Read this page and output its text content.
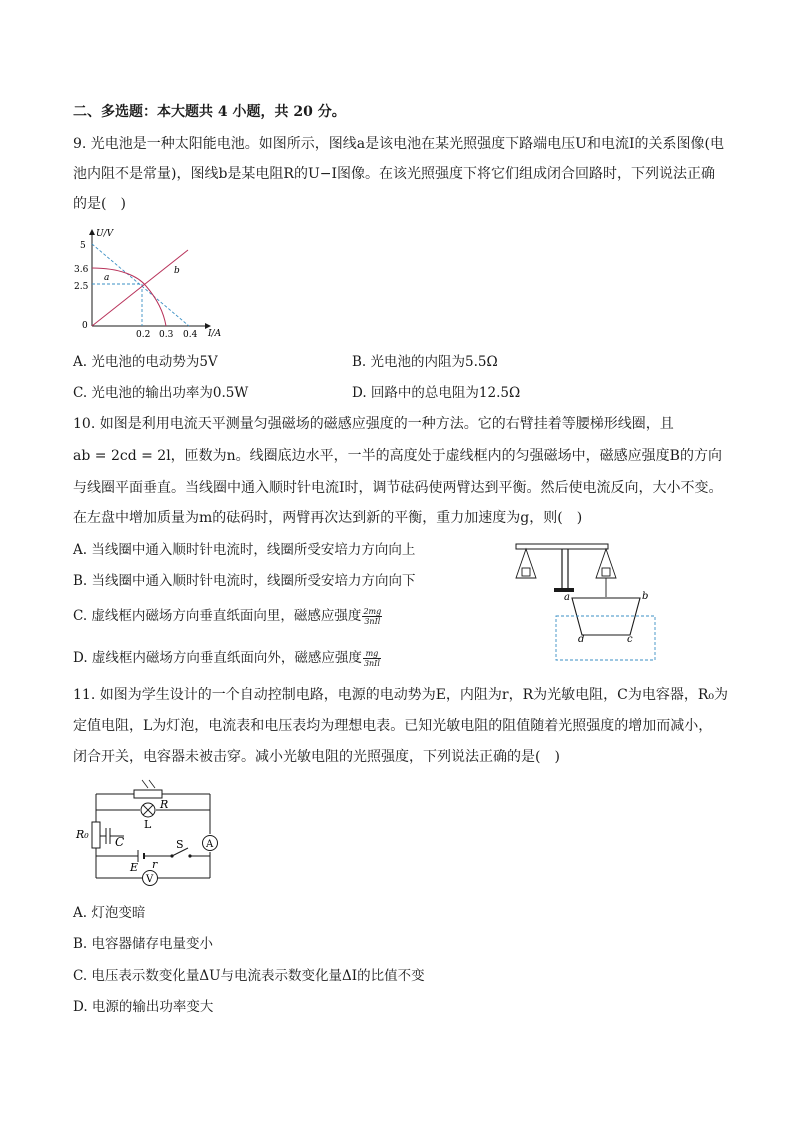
二、多选题：本大题共 4 小题，共 20 分。
9. 光电池是一种太阳能电池。如图所示，图线a是该电池在某光照强度下路端电压U和电流I的关系图像(电
池内阻不是常量)，图线b是某电阻R的U−I图像。在该光照强度下将它们组成闭合回路时，下列说法正确
的是(　)
U/V
I/A
5
3.6
2.5
0
0.2 0.3 0.4
a
b
A. 光电池的电动势为5V	B. 光电池的内阻为5.5Ω
C. 光电池的输出功率为0.5W	D. 回路中的总电阻为12.5Ω
10. 如图是利用电流天平测量匀强磁场的磁感应强度的一种方法。它的右臂挂着等腰梯形线圈，且
ab = 2cd = 2l，匝数为n。线圈底边水平，一半的高度处于虚线框内的匀强磁场中，磁感应强度B的方向
与线圈平面垂直。当线圈中通入顺时针电流I时，调节砝码使两臂达到平衡。然后使电流反向，大小不变。
在左盘中增加质量为m的砝码时，两臂再次达到新的平衡，重力加速度为g，则(　)
A. 当线圈中通入顺时针电流时，线圈所受安培力方向向上
B. 当线圈中通入顺时针电流时，线圈所受安培力方向向下
C. 虚线框内磁场方向垂直纸面向里，磁感应强度 $\frac{2mg}{\text{3nIl}}$
D. 虚线框内磁场方向垂直纸面向外，磁感应强度 $\frac{mg}{\text{3nIl}}$
a	b
c
d
11. 如图为学生设计的一个自动控制电路，电源的电动势为E，内阻为r，R为光敏电阻，C为电容器，R₀为
定值电阻，L为灯泡，电流表和电压表均为理想电表。已知光敏电阻的阻值随着光照强度的增加而减小，
闭合开关，电容器未被击穿。减小光敏电阻的光照强度，下列说法正确的是(　)
R
L
R₀
C
E r
S A
V
A. 灯泡变暗
B. 电容器储存电量变小
C. 电压表示数变化量ΔU与电流表示数变化量ΔI的比值不变
D. 电源的输出功率变大
